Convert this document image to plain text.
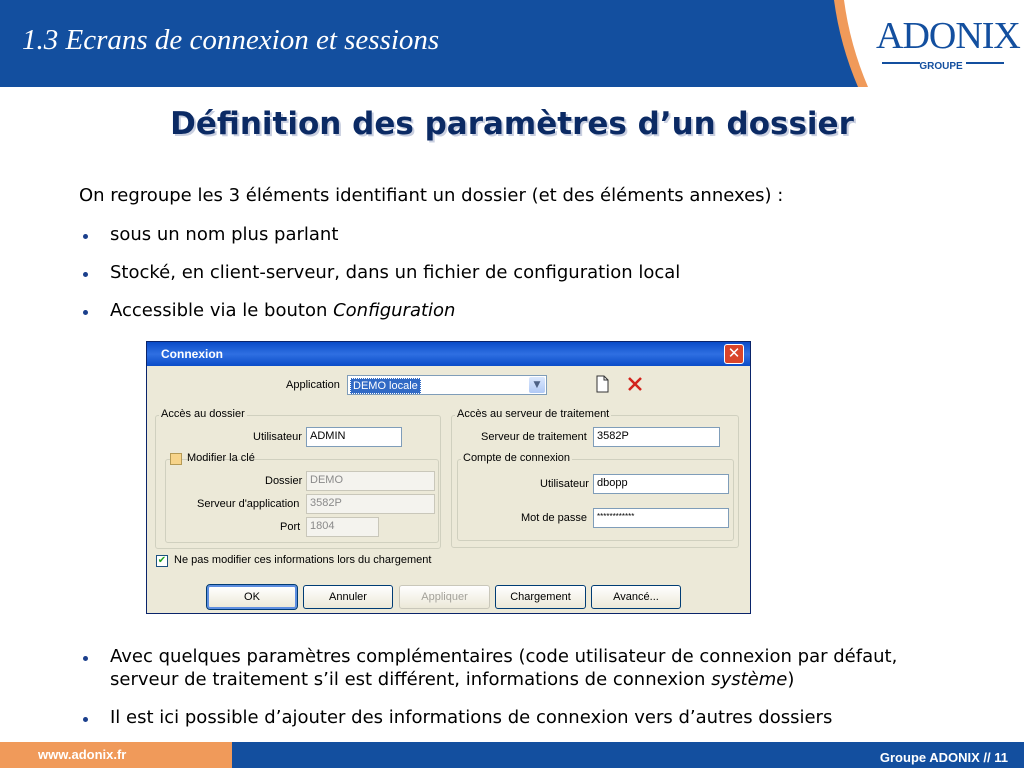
1.3 Ecrans de connexion et sessions	ADONIX
GROUPE
Définition des paramètres d’un dossier
On regroupe les 3 éléments identifiant un dossier (et des éléments annexes) :
sous un nom plus parlant
Stocké, en client-serveur, dans un fichier de configuration local
Accessible via le bouton Configuration
Connexion	✕
Application DEMO locale	▼
Accès au dossier
Utilisateur ADMIN
Modifier la clé
Dossier DEMO
Serveur d'application 3582P
Port 1804
Accès au serveur de traitement
Serveur de traitement 3582P
Compte de connexion
Utilisateur dbopp
Mot de passe	************
✔ Ne pas modifier ces informations lors du chargement
OK	Annuler	Appliquer	Chargement	Avancé...
Avec quelques paramètres complémentaires (code utilisateur de connexion par défaut,
serveur de traitement s’il est différent, informations de connexion système)
Il est ici possible d’ajouter des informations de connexion vers d’autres dossiers
www.adonix.fr	Groupe ADONIX // 11
